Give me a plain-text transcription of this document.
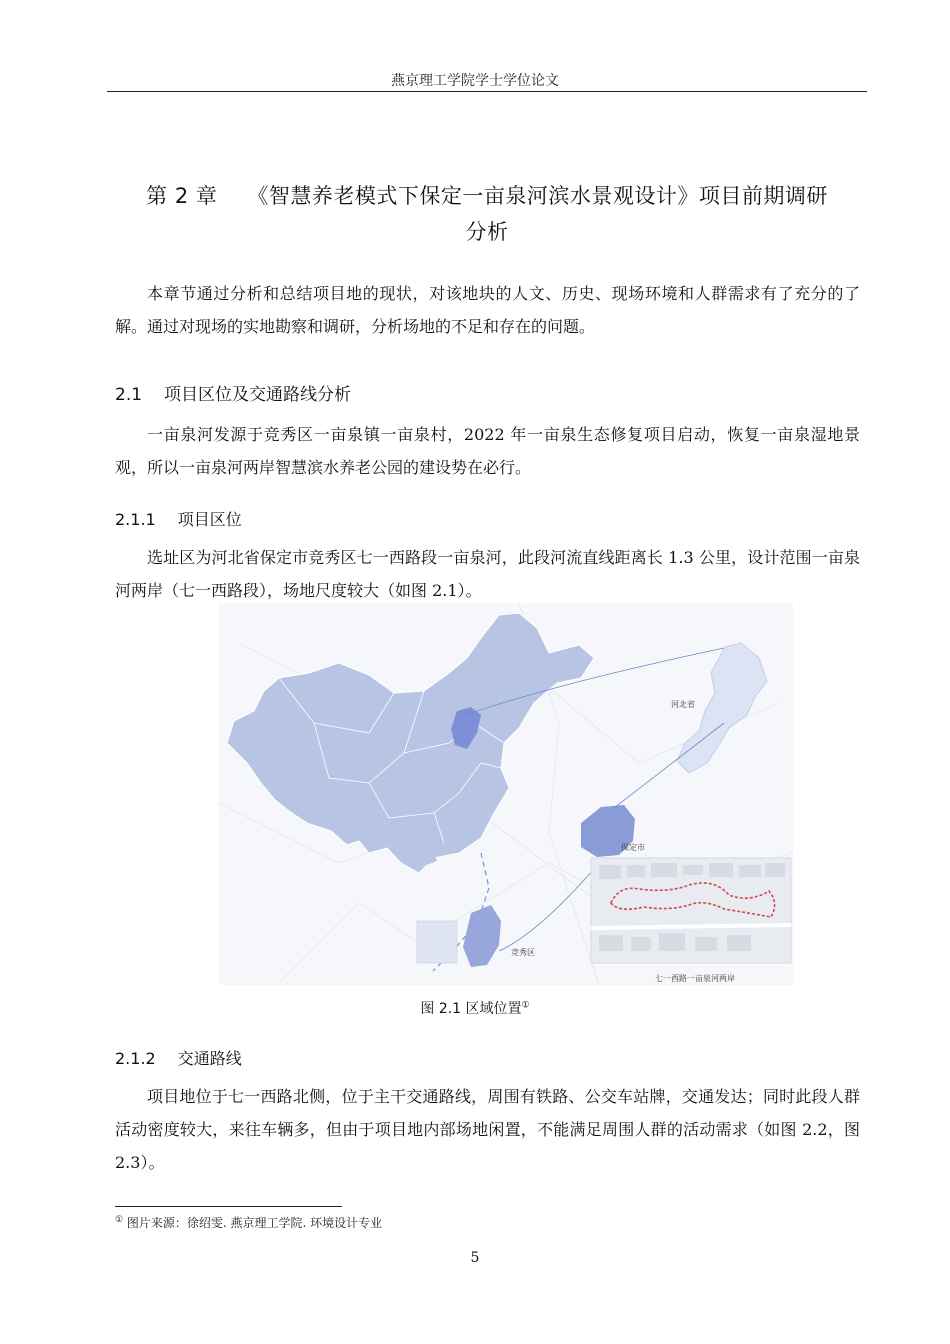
燕京理工学院学士学位论文
第 2 章 《智慧养老模式下保定一亩泉河滨水景观设计》项目前期调研
分析
本章节通过分析和总结项目地的现状，对该地块的人文、历史、现场环境和人群需求有了充分的了解。通过对现场的实地勘察和调研，分析场地的不足和存在的问题。
2.1 项目区位及交通路线分析
一亩泉河发源于竞秀区一亩泉镇一亩泉村，2022 年一亩泉生态修复项目启动，恢复一亩泉湿地景观，所以一亩泉河两岸智慧滨水养老公园的建设势在必行。
2.1.1 项目区位
选址区为河北省保定市竞秀区七一西路段一亩泉河，此段河流直线距离长 1.3 公里，设计范围一亩泉河两岸（七一西路段），场地尺度较大（如图 2.1）。
河北省
保定市
竞秀区
七一西路一亩泉河两岸
图 2.1 区域位置①
2.1.2 交通路线
项目地位于七一西路北侧，位于主干交通路线，周围有铁路、公交车站牌，交通发达；同时此段人群活动密度较大，来往车辆多，但由于项目地内部场地闲置，不能满足周围人群的活动需求（如图 2.2，图 2.3）。
① 图片来源：徐绍雯. 燕京理工学院. 环境设计专业
5
